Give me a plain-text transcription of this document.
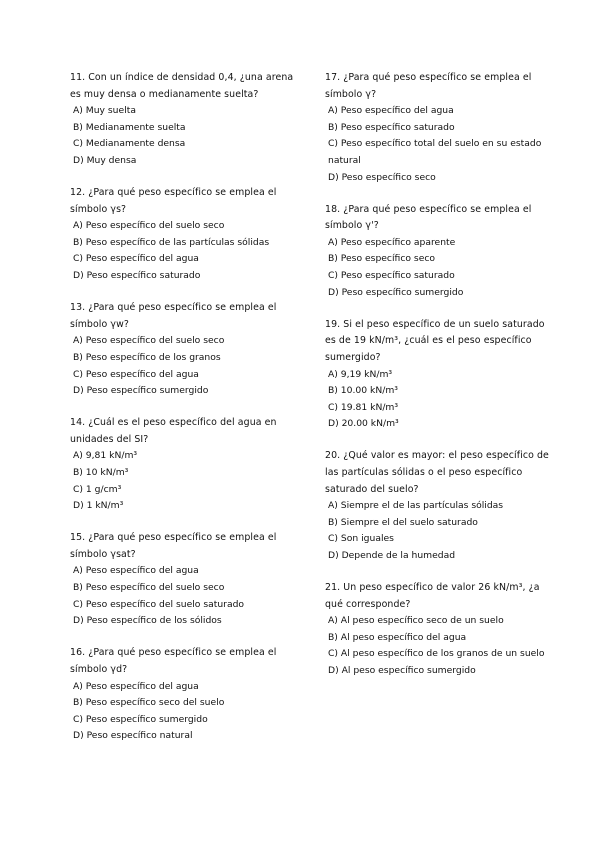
11. Con un índice de densidad 0,4, ¿una arena es muy densa o medianamente suelta?

A) Muy suelta

B) Medianamente suelta

C) Medianamente densa

D) Muy densa

12. ¿Para qué peso específico se emplea el símbolo γs?

A) Peso específico del suelo seco

B) Peso específico de las partículas sólidas

C) Peso específico del agua

D) Peso específico saturado

13. ¿Para qué peso específico se emplea el símbolo γw?

A) Peso específico del suelo seco

B) Peso específico de los granos

C) Peso específico del agua

D) Peso específico sumergido

14. ¿Cuál es el peso específico del agua en unidades del SI?

A) 9,81 kN/m³

B) 10 kN/m³

C) 1 g/cm³

D) 1 kN/m³

15. ¿Para qué peso específico se emplea el símbolo γsat?

A) Peso específico del agua

B) Peso específico del suelo seco

C) Peso específico del suelo saturado

D) Peso específico de los sólidos

16. ¿Para qué peso específico se emplea el símbolo γd?

A) Peso específico del agua

B) Peso específico seco del suelo

C) Peso específico sumergido

D) Peso específico natural

17. ¿Para qué peso específico se emplea el símbolo γ?

A) Peso específico del agua

B) Peso específico saturado

C) Peso específico total del suelo en su estado natural

D) Peso específico seco

18. ¿Para qué peso específico se emplea el símbolo γ'?

A) Peso específico aparente

B) Peso específico seco

C) Peso específico saturado

D) Peso específico sumergido

19. Si el peso específico de un suelo saturado es de 19 kN/m³, ¿cuál es el peso específico sumergido?

A) 9,19 kN/m³

B) 10.00 kN/m³

C) 19.81 kN/m³

D) 20.00 kN/m³

20. ¿Qué valor es mayor: el peso específico de las partículas sólidas o el peso específico saturado del suelo?

A) Siempre el de las partículas sólidas

B) Siempre el del suelo saturado

C) Son iguales

D) Depende de la humedad

21. Un peso específico de valor 26 kN/m³, ¿a qué corresponde?

A) Al peso específico seco de un suelo

B) Al peso específico del agua

C) Al peso específico de los granos de un suelo

D) Al peso específico sumergido
